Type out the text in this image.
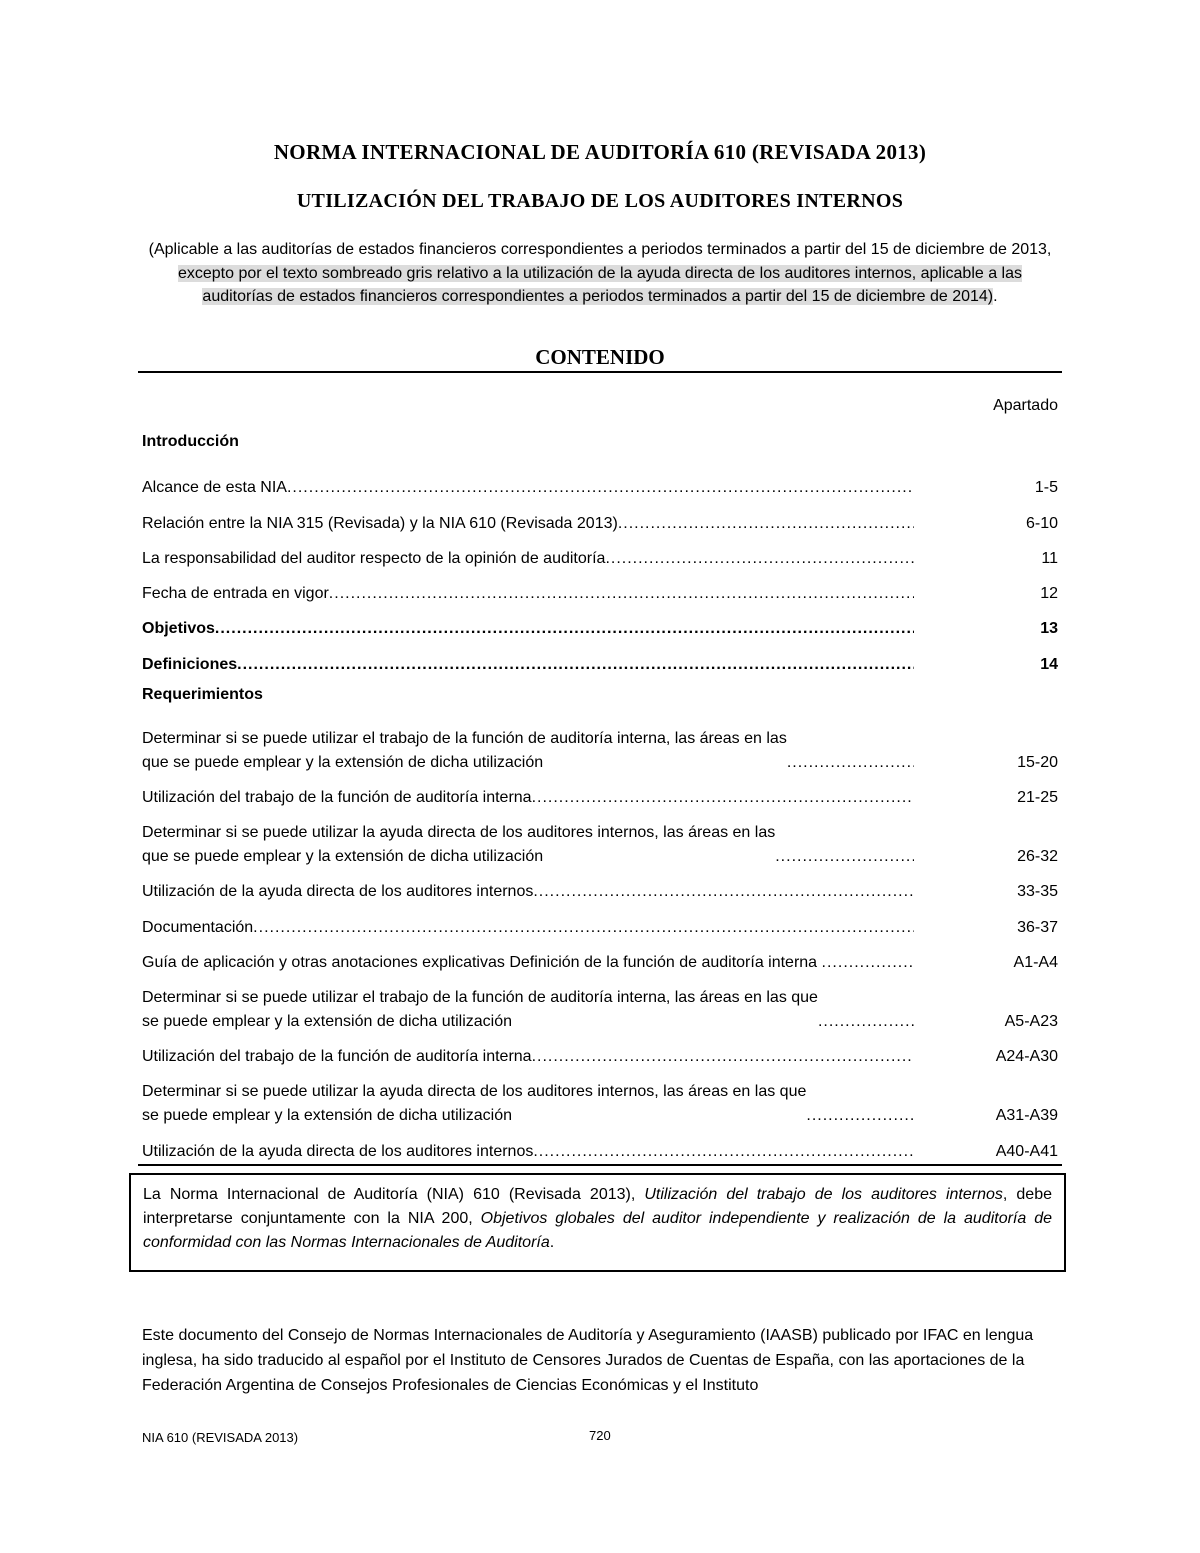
NORMA INTERNACIONAL DE AUDITORÍA 610 (REVISADA 2013)
UTILIZACIÓN DEL TRABAJO DE LOS AUDITORES INTERNOS
(Aplicable a las auditorías de estados financieros correspondientes a periodos terminados a partir del 15 de diciembre de 2013, excepto por el texto sombreado gris relativo a la utilización de la ayuda directa de los auditores internos, aplicable a las auditorías de estados financieros correspondientes a periodos terminados a partir del 15 de diciembre de 2014).
CONTENIDO
Apartado
Introducción
Alcance de esta NIA .....	1-5
Relación entre la NIA 315 (Revisada) y la NIA 610 (Revisada 2013) .....	6-10
La responsabilidad del auditor respecto de la opinión de auditoría .....	11
Fecha de entrada en vigor .....	12
Objetivos .....	13
Definiciones .....	14
Requerimientos
Determinar si se puede utilizar el trabajo de la función de auditoría interna, las áreas en las
que se puede emplear y la extensión de dicha utilización .....	15-20
Utilización del trabajo de la función de auditoría interna .....	21-25
Determinar si se puede utilizar la ayuda directa de los auditores internos, las áreas en las
que se puede emplear y la extensión de dicha utilización .....	26-32
Utilización de la ayuda directa de los auditores internos .....	33-35
Documentación .....	36-37
Guía de aplicación y otras anotaciones explicativas Definición de la función de auditoría interna .....	A1-A4
Determinar si se puede utilizar el trabajo de la función de auditoría interna, las áreas en las que
se puede emplear y la extensión de dicha utilización .....	A5-A23
Utilización del trabajo de la función de auditoría interna .....	A24-A30
Determinar si se puede utilizar la ayuda directa de los auditores internos, las áreas en las que
se puede emplear y la extensión de dicha utilización .....	A31-A39
Utilización de la ayuda directa de los auditores internos .....	A40-A41
La Norma Internacional de Auditoría (NIA) 610 (Revisada 2013), Utilización del trabajo de los auditores internos, debe interpretarse conjuntamente con la NIA 200, Objetivos globales del auditor independiente y realización de la auditoría de conformidad con las Normas Internacionales de Auditoría.
Este documento del Consejo de Normas Internacionales de Auditoría y Aseguramiento (IAASB) publicado por IFAC en lengua inglesa, ha sido traducido al español por el Instituto de Censores Jurados de Cuentas de España, con las aportaciones de la Federación Argentina de Consejos Profesionales de Ciencias Económicas y el Instituto
NIA 610 (REVISADA 2013)	720
